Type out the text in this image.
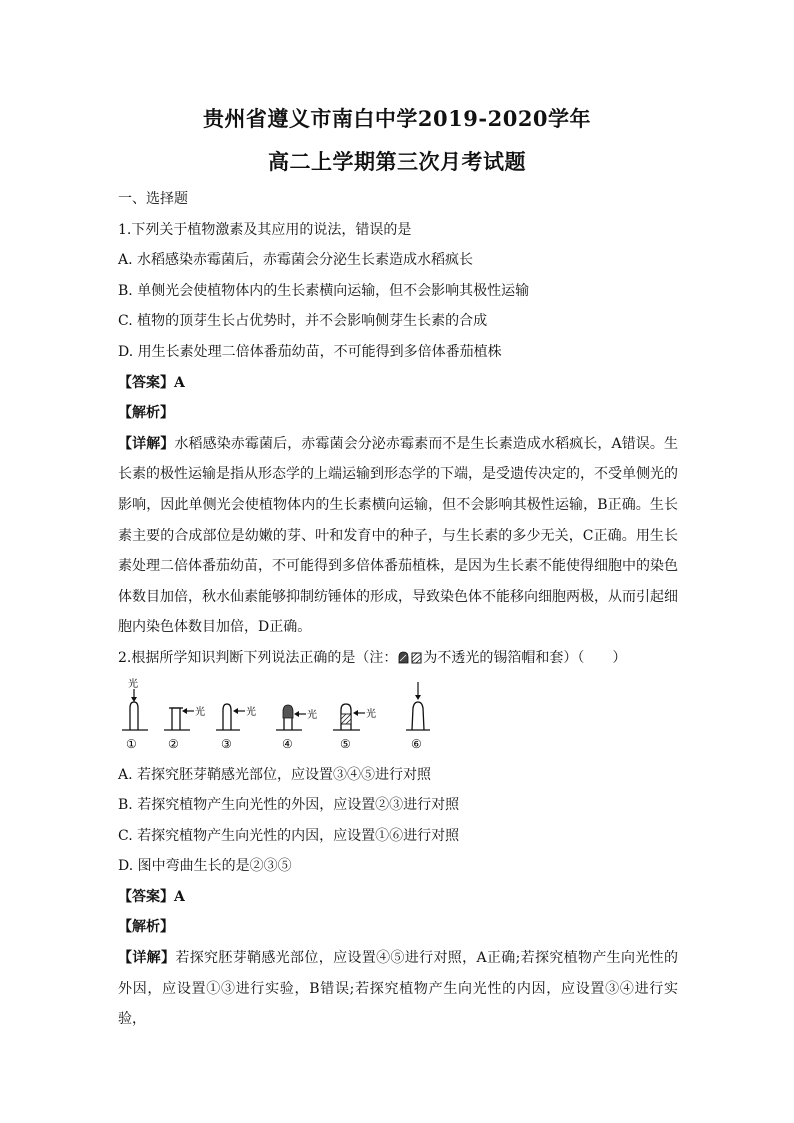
贵州省遵义市南白中学2019-2020学年
高二上学期第三次月考试题
一、选择题
1.下列关于植物激素及其应用的说法，错误的是
A. 水稻感染赤霉菌后，赤霉菌会分泌生长素造成水稻疯长
B. 单侧光会使植物体内的生长素横向运输，但不会影响其极性运输
C. 植物的顶芽生长占优势时，并不会影响侧芽生长素的合成
D. 用生长素处理二倍体番茄幼苗，不可能得到多倍体番茄植株
【答案】A
【解析】
【详解】水稻感染赤霉菌后，赤霉菌会分泌赤霉素而不是生长素造成水稻疯长，A错误。生长素的极性运输是指从形态学的上端运输到形态学的下端，是受遗传决定的，不受单侧光的影响，因此单侧光会使植物体内的生长素横向运输，但不会影响其极性运输，B正确。生长素主要的合成部位是幼嫩的芽、叶和发育中的种子，与生长素的多少无关，C正确。用生长素处理二倍体番茄幼苗，不可能得到多倍体番茄植株，是因为生长素不能使得细胞中的染色体数目加倍，秋水仙素能够抑制纺锤体的形成，导致染色体不能移向细胞两极，从而引起细胞内染色体数目加倍，D正确。
2.根据所学知识判断下列说法正确的是（注： 为不透光的锡箔帽和套）（　　）
光
①
光
②
光
③
光
④
光
⑤	⑥
A. 若探究胚芽鞘感光部位，应设置③④⑤进行对照
B. 若探究植物产生向光性的外因，应设置②③进行对照
C. 若探究植物产生向光性的内因，应设置①⑥进行对照
D. 图中弯曲生长的是②③⑤
【答案】A
【解析】
【详解】若探究胚芽鞘感光部位，应设置④⑤进行对照，A正确;若探究植物产生向光性的外因，应设置①③进行实验，B错误;若探究植物产生向光性的内因，应设置③④进行实验，
